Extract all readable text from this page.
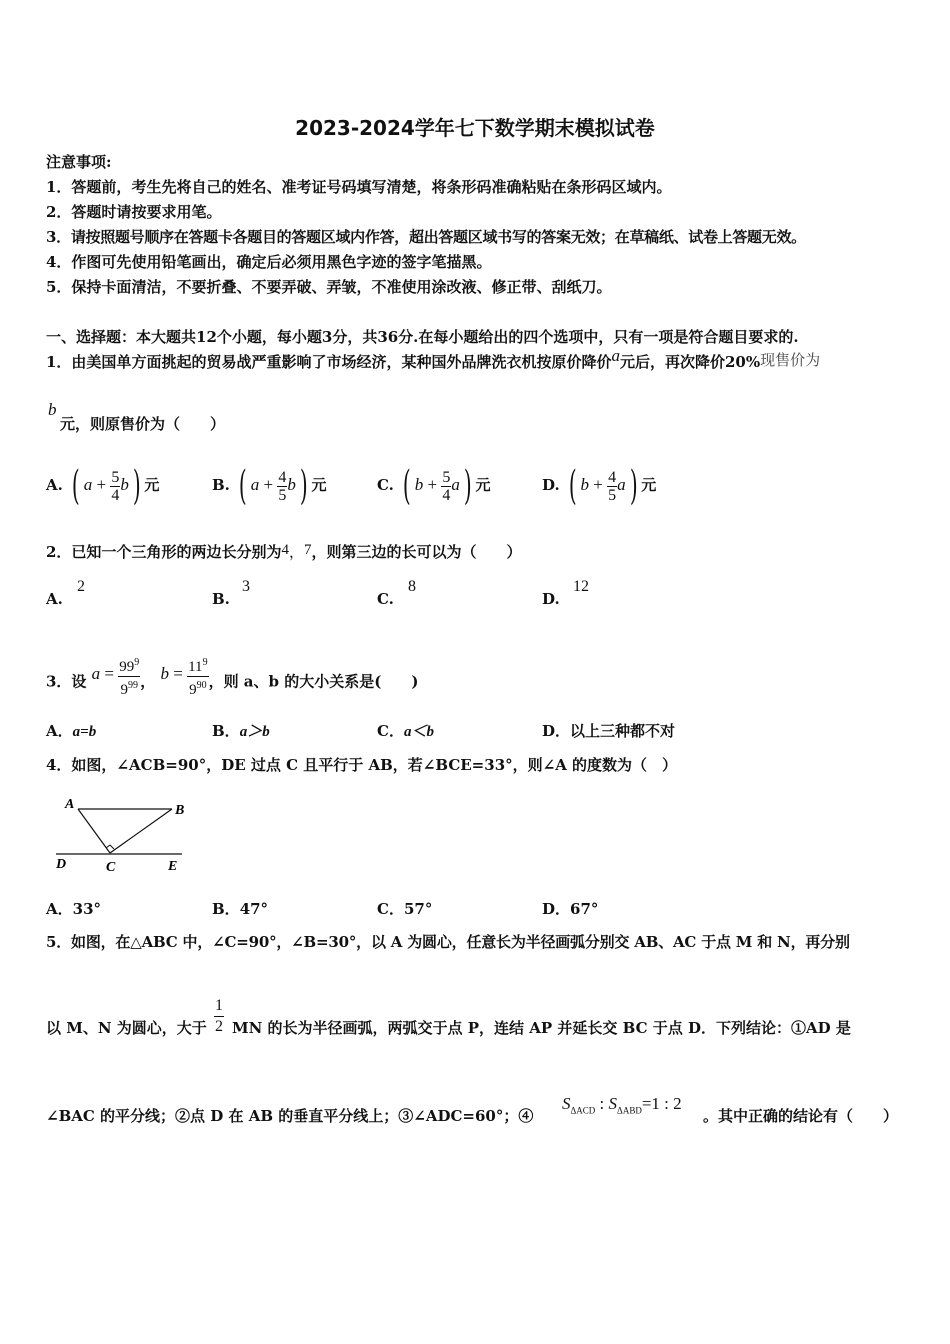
2023-2024学年七下数学期末模拟试卷
注意事项:
1．答题前，考生先将自己的姓名、准考证号码填写清楚，将条形码准确粘贴在条形码区域内。
2．答题时请按要求用笔。
3．请按照题号顺序在答题卡各题目的答题区域内作答，超出答题区域书写的答案无效；在草稿纸、试卷上答题无效。
4．作图可先使用铅笔画出，确定后必须用黑色字迹的签字笔描黑。
5．保持卡面清洁，不要折叠、不要弄破、弄皱，不准使用涂改液、修正带、刮纸刀。
一、选择题：本大题共12个小题，每小题3分，共36分.在每小题给出的四个选项中，只有一项是符合题目要求的.
1．由美国单方面挑起的贸易战严重影响了市场经济，某种国外品牌洗衣机按原价降价a元后，再次降价20%现售价为
b
元，则原售价为（　　）
A. ( $a + \frac{5}{4} b$) 元	B. ( $a + \frac{4}{5} b$) 元	C. ( $b + \frac{5}{4} a$) 元	D. ( $b + \frac{4}{5} a$) 元
2．已知一个三角形的两边长分别为4，7，则第三边的长可以为（　　）
A.
2
B.
3
C.
8
D.
12
3．设 $a = \frac{99^9}{9^{99}}$ ， $b = \frac{11^9}{9^{90}}$ ，则 a、b 的大小关系是(　　)
A．a=b	B．a＞b	C．a＜b	D．以上三种都不对
4．如图，∠ACB=90°，DE 过点 C 且平行于 AB，若∠BCE=33°，则∠A 的度数为（　）
A	B
C
D	E
A．33°	B．47°	C．57°	D．67°
5．如图，在△ABC 中，∠C=90°，∠B=30°，以 A 为圆心，任意长为半径画弧分别交 AB、AC 于点 M 和 N，再分别
以 M、N 为圆心，大于 $\frac{1}{2}$ MN 的长为半径画弧，两弧交于点 P，连结 AP 并延长交 BC 于点 D．下列结论：①AD 是
∠BAC 的平分线；②点 D 在 AB 的垂直平分线上；③∠ADC=60°；④
$S_{\Delta ACD}$ : $S_{\Delta ABD}=1$ : 2
。其中正确的结论有（　　）
